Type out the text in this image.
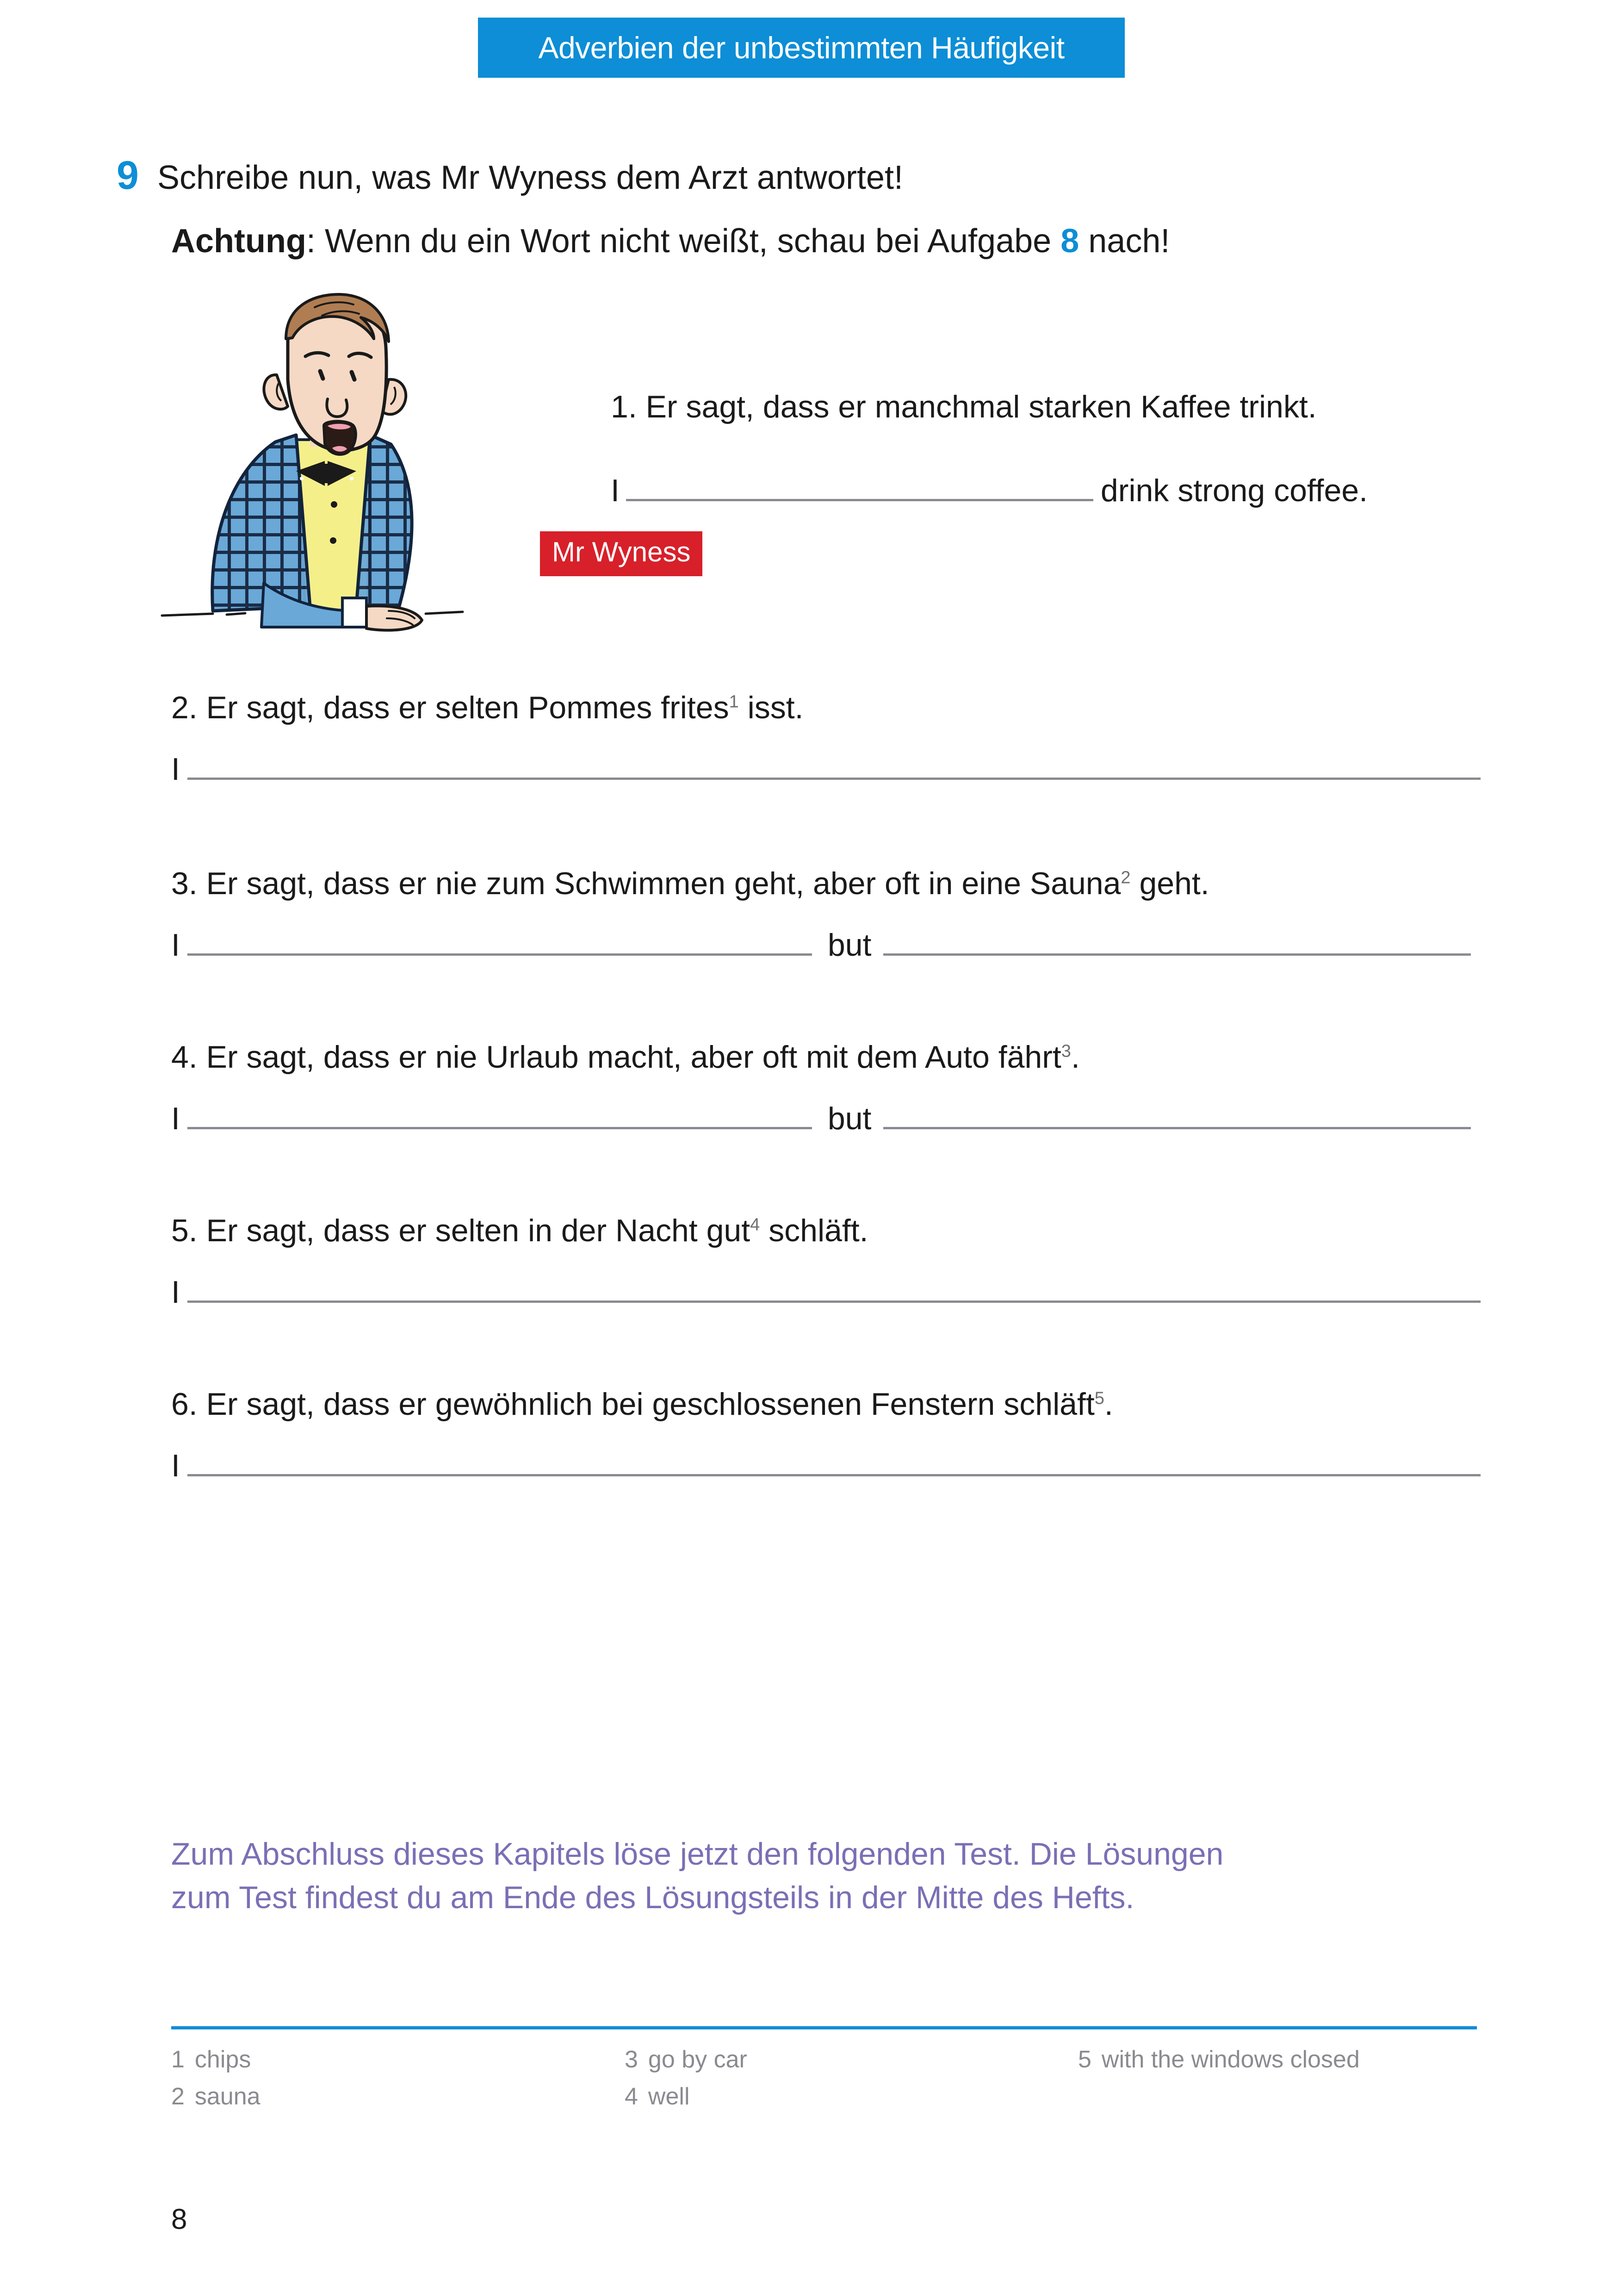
Adverbien der unbestimmten Häufigkeit
9 Schreibe nun, was Mr Wyness dem Arzt antwortet!
Achtung: Wenn du ein Wort nicht weißt, schau bei Aufgabe 8 nach!
Mr Wyness
1. Er sagt, dass er manchmal starken Kaffee trinkt.
I	drink strong coffee.
2. Er sagt, dass er selten Pommes frites$^1$ isst.
I
3. Er sagt, dass er nie zum Schwimmen geht, aber oft in eine Sauna$^2$ geht.
I	but
4. Er sagt, dass er nie Urlaub macht, aber oft mit dem Auto fährt$^3$.
I	but
5. Er sagt, dass er selten in der Nacht gut$^4$ schläft.
I
6. Er sagt, dass er gewöhnlich bei geschlossenen Fenstern schläft$^5$.
I
Zum Abschluss dieses Kapitels löse jetzt den folgenden Test. Die Lösungen
zum Test findest du am Ende des Lösungsteils in der Mitte des Hefts.
1 chips	3 go by car	5 with the windows closed
2 sauna	4 well
8
